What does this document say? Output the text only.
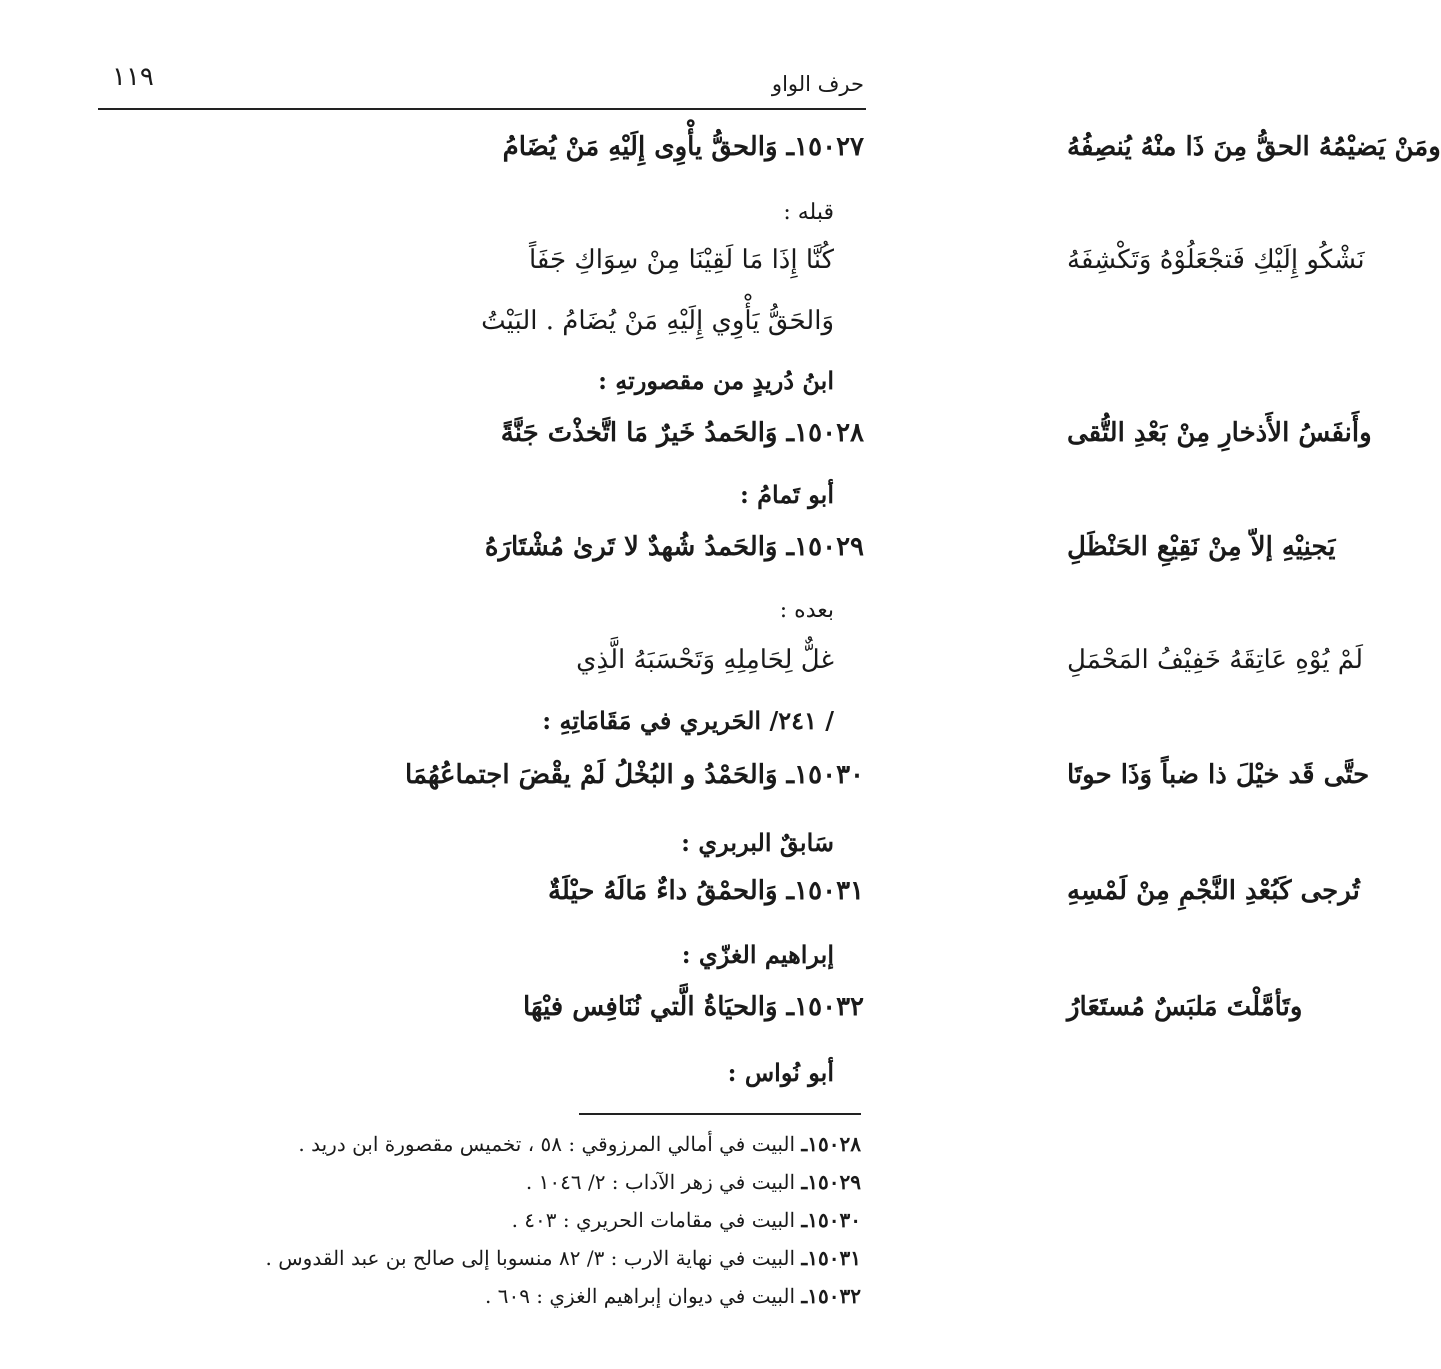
حرف الواو
١١٩
١٥٠٢٧ـ وَالحقُّ يأْوِى إِلَيْهِ مَنْ يُضَامُ	ومَنْ يَضيْمُهُ الحقُّ مِنَ ذَا منْهُ يُنصِفُهُ
قبله :
كُنَّا إِذَا مَا لَقِيْنَا مِنْ سِوَاكِ جَفَاً	نَشْكُو إِلَيْكِ فَتجْعَلُوْهُ وَتَكْشِفَهُ
وَالحَقُّ يَأْوِي إِلَيْهِ مَنْ يُضَامُ . البَيْتُ
ابنُ دُريدٍ من مقصورتهِ :
١٥٠٢٨ـ وَالحَمدُ خَيرٌ مَا اتَّخذْتَ جَنَّةً	وأَنفَسُ الأَذخارِ مِنْ بَعْدِ التُّقى
أبو تَمامُ :
١٥٠٢٩ـ وَالحَمدُ شُهدٌ لا تَرىٰ مُشْتَارَهُ	يَجنِيْهِ إلاّ مِنْ نَقِيْعِ الحَنْظَلِ
بعده :
غلٌّ لِحَامِلِهِ وَتَحْسَبَهُ الَّذِي	لَمْ يُوْهِ عَاتِقَهُ خَفِيْفُ المَحْمَلِ
/ ٢٤١/ الحَريري في مَقَامَاتِهِ :
١٥٠٣٠ـ وَالحَمْدُ و البُخْلُ لَمْ يقْضَ اجتماعُهُمَا	حتَّى قَد خيْلَ ذا ضباً وَذَا حوتَا
سَابقٌ البربري :
١٥٠٣١ـ وَالحمْقُ داءٌ مَالَهُ حيْلَةٌ	تُرجى كَبُعْدِ النَّجْمِ مِنْ لَمْسِهِ
إبراهيم الغزّي :
١٥٠٣٢ـ وَالحيَاةُ الَّتي نُنَافِس فيْهَا	وتَأمَّلْتَ مَلبَسٌ مُستَعَارُ
أبو نُواس :
١٥٠٢٨ـ البيت في أمالي المرزوقي : ٥٨ ، تخميس مقصورة ابن دريد .
١٥٠٢٩ـ البيت في زهر الآداب : ٢/ ١٠٤٦ .
١٥٠٣٠ـ البيت في مقامات الحريري : ٤٠٣ .
١٥٠٣١ـ البيت في نهاية الارب : ٣/ ٨٢ منسوبا إلى صالح بن عبد القدوس .
١٥٠٣٢ـ البيت في ديوان إبراهيم الغزي : ٦٠٩ .
